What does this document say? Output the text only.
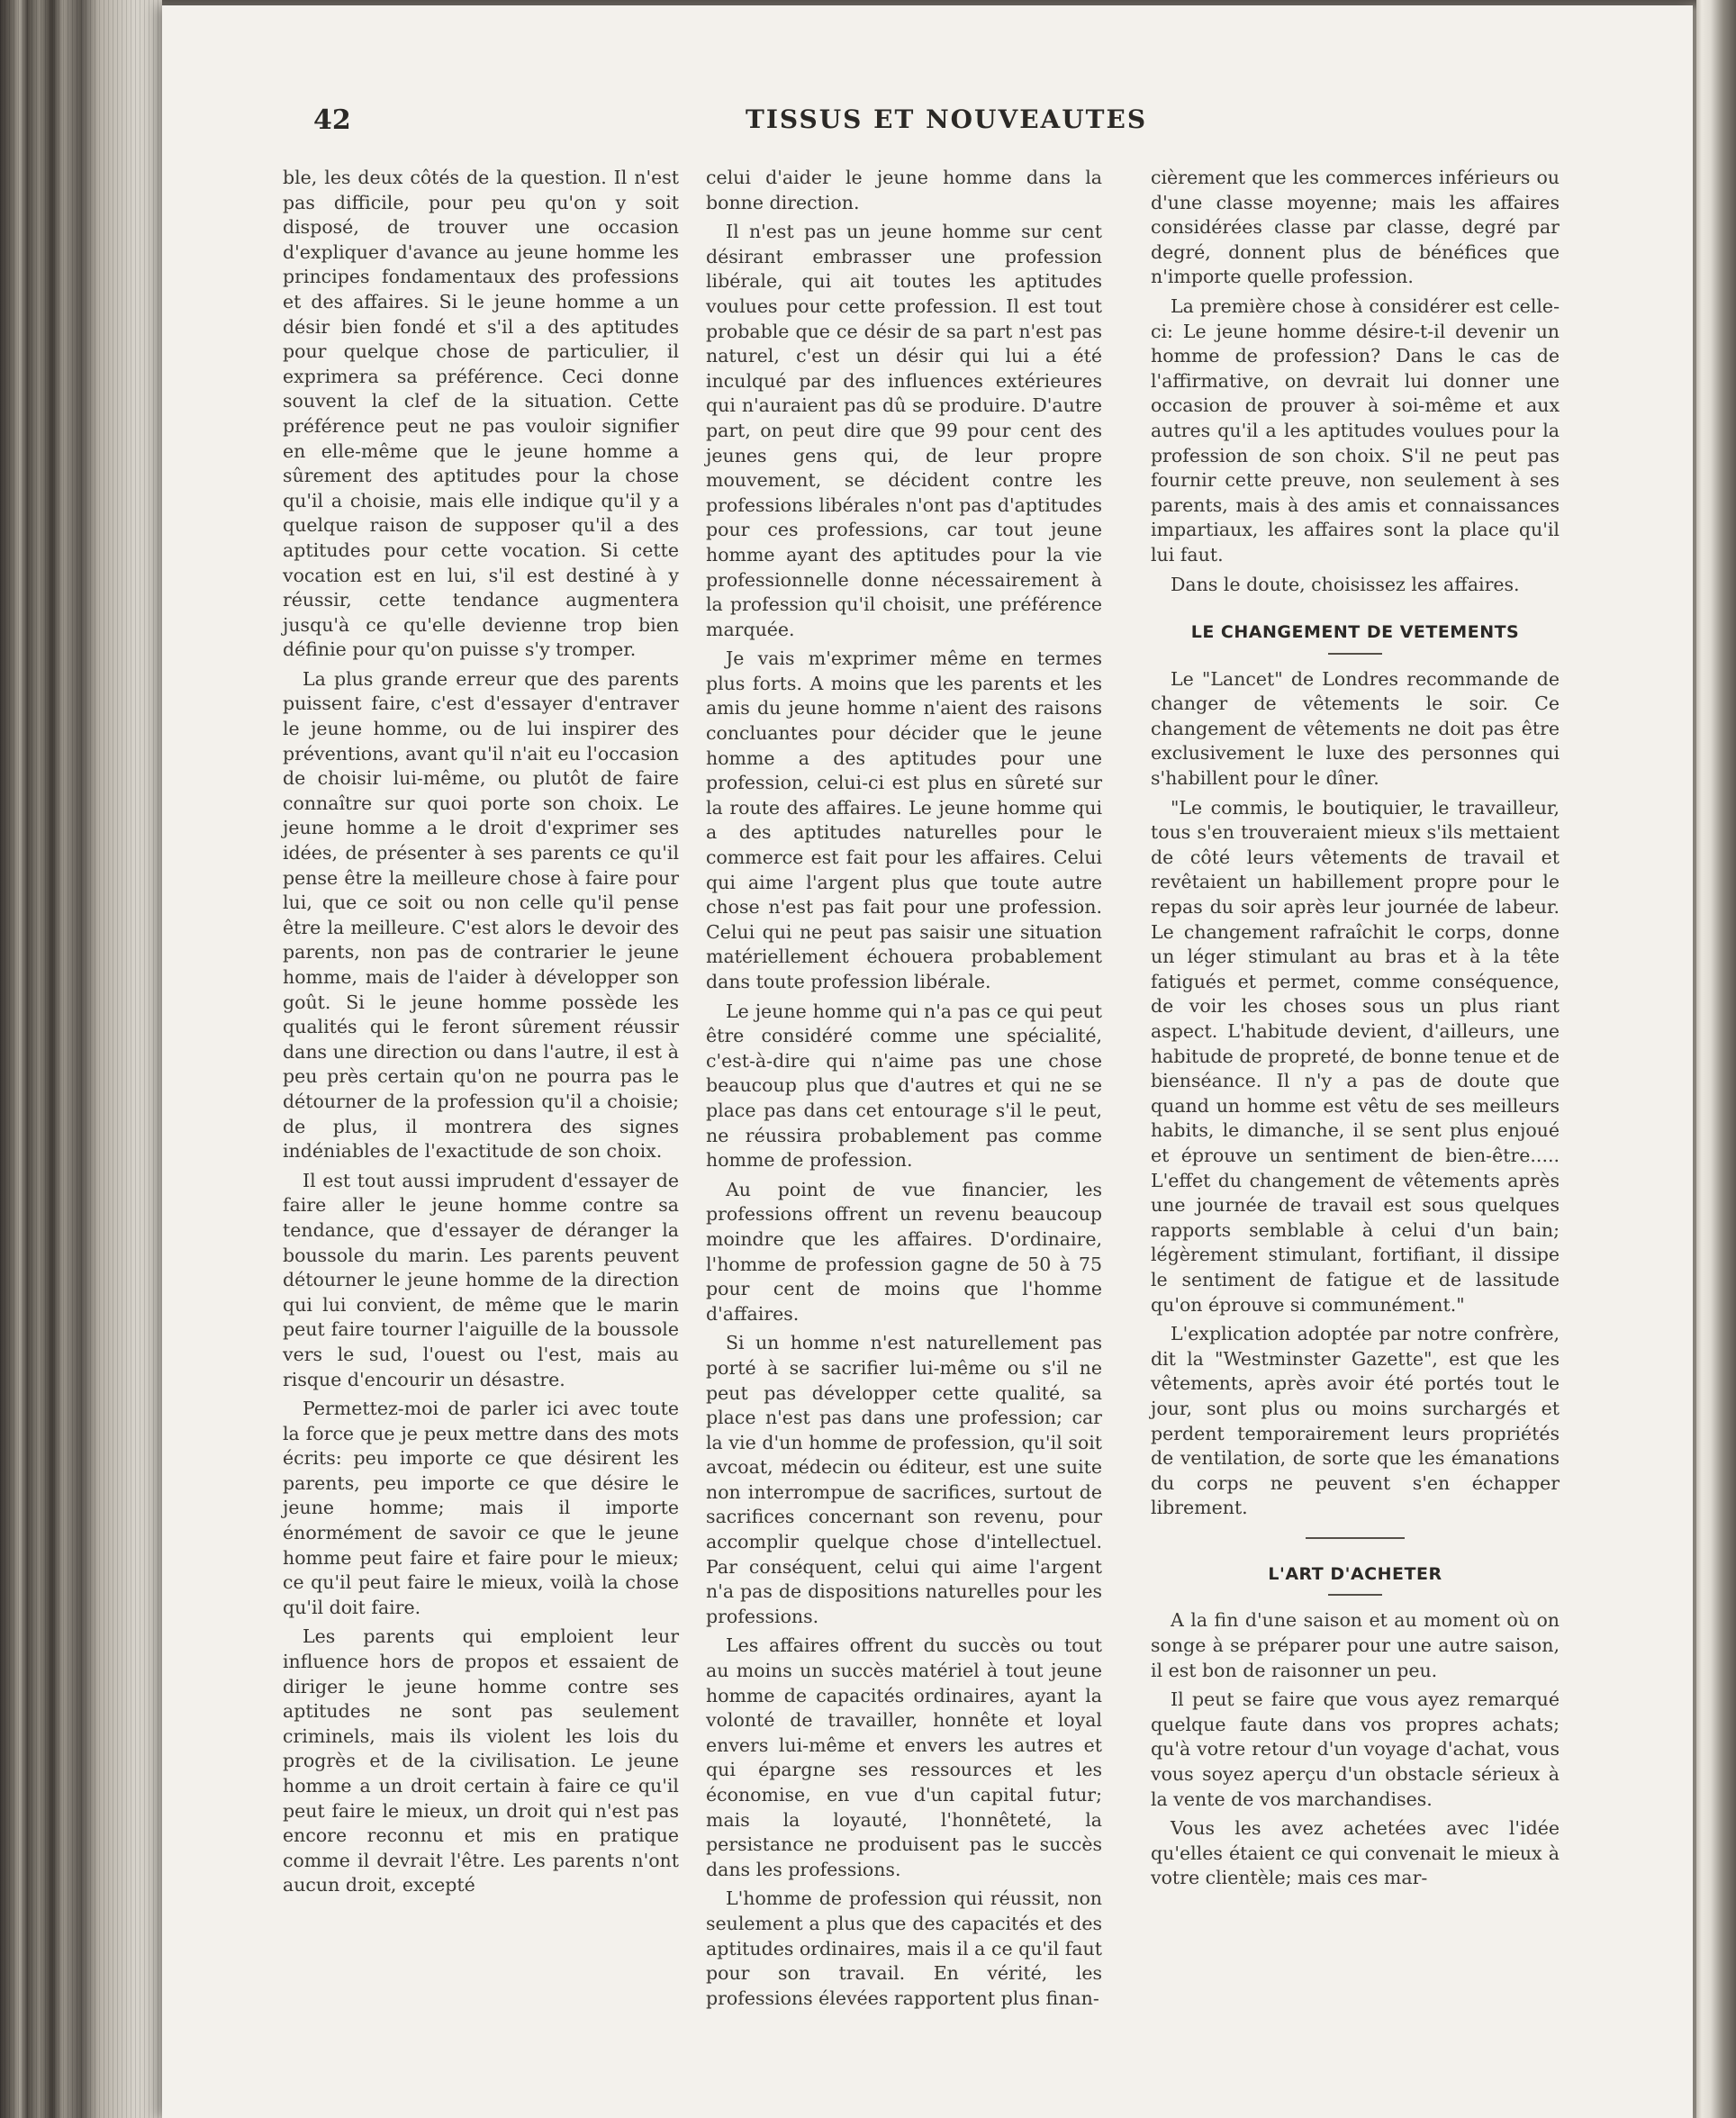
42	TISSUS ET NOUVEAUTES

ble, les deux côtés de la question. Il n'est pas difficile, pour peu qu'on y soit disposé, de trouver une occasion d'expliquer d'avance au jeune homme les principes fondamentaux des professions et des affaires. Si le jeune homme a un désir bien fondé et s'il a des aptitudes pour quelque chose de particulier, il exprimera sa préférence. Ceci donne souvent la clef de la situation. Cette préférence peut ne pas vouloir signifier en elle-même que le jeune homme a sûrement des aptitudes pour la chose qu'il a choisie, mais elle indique qu'il y a quelque raison de supposer qu'il a des aptitudes pour cette vocation. Si cette vocation est en lui, s'il est destiné à y réussir, cette tendance augmentera jusqu'à ce qu'elle devienne trop bien définie pour qu'on puisse s'y tromper.

La plus grande erreur que des parents puissent faire, c'est d'essayer d'entraver le jeune homme, ou de lui inspirer des préventions, avant qu'il n'ait eu l'occasion de choisir lui-même, ou plutôt de faire connaître sur quoi porte son choix. Le jeune homme a le droit d'exprimer ses idées, de présenter à ses parents ce qu'il pense être la meilleure chose à faire pour lui, que ce soit ou non celle qu'il pense être la meilleure. C'est alors le devoir des parents, non pas de contrarier le jeune homme, mais de l'aider à développer son goût. Si le jeune homme possède les qualités qui le feront sûrement réussir dans une direction ou dans l'autre, il est à peu près certain qu'on ne pourra pas le détourner de la profession qu'il a choisie; de plus, il montrera des signes indéniables de l'exactitude de son choix.

Il est tout aussi imprudent d'essayer de faire aller le jeune homme contre sa tendance, que d'essayer de déranger la boussole du marin. Les parents peuvent détourner le jeune homme de la direction qui lui convient, de même que le marin peut faire tourner l'aiguille de la boussole vers le sud, l'ouest ou l'est, mais au risque d'encourir un désastre.

Permettez-moi de parler ici avec toute la force que je peux mettre dans des mots écrits: peu importe ce que désirent les parents, peu importe ce que désire le jeune homme; mais il importe énormément de savoir ce que le jeune homme peut faire et faire pour le mieux; ce qu'il peut faire le mieux, voilà la chose qu'il doit faire.

Les parents qui emploient leur influence hors de propos et essaient de diriger le jeune homme contre ses aptitudes ne sont pas seulement criminels, mais ils violent les lois du progrès et de la civilisation. Le jeune homme a un droit certain à faire ce qu'il peut faire le mieux, un droit qui n'est pas encore reconnu et mis en pratique comme il devrait l'être. Les parents n'ont aucun droit, excepté

celui d'aider le jeune homme dans la bonne direction.

Il n'est pas un jeune homme sur cent désirant embrasser une profession libérale, qui ait toutes les aptitudes voulues pour cette profession. Il est tout probable que ce désir de sa part n'est pas naturel, c'est un désir qui lui a été inculqué par des influences extérieures qui n'auraient pas dû se produire. D'autre part, on peut dire que 99 pour cent des jeunes gens qui, de leur propre mouvement, se décident contre les professions libérales n'ont pas d'aptitudes pour ces professions, car tout jeune homme ayant des aptitudes pour la vie professionnelle donne nécessairement à la profession qu'il choisit, une préférence marquée.

Je vais m'exprimer même en termes plus forts. A moins que les parents et les amis du jeune homme n'aient des raisons concluantes pour décider que le jeune homme a des aptitudes pour une profession, celui-ci est plus en sûreté sur la route des affaires. Le jeune homme qui a des aptitudes naturelles pour le commerce est fait pour les affaires. Celui qui aime l'argent plus que toute autre chose n'est pas fait pour une profession. Celui qui ne peut pas saisir une situation matériellement échouera probablement dans toute profession libérale.

Le jeune homme qui n'a pas ce qui peut être considéré comme une spécialité, c'est-à-dire qui n'aime pas une chose beaucoup plus que d'autres et qui ne se place pas dans cet entourage s'il le peut, ne réussira probablement pas comme homme de profession.

Au point de vue financier, les professions offrent un revenu beaucoup moindre que les affaires. D'ordinaire, l'homme de profession gagne de 50 à 75 pour cent de moins que l'homme d'affaires.

Si un homme n'est naturellement pas porté à se sacrifier lui-même ou s'il ne peut pas développer cette qualité, sa place n'est pas dans une profession; car la vie d'un homme de profession, qu'il soit avcoat, médecin ou éditeur, est une suite non interrompue de sacrifices, surtout de sacrifices concernant son revenu, pour accomplir quelque chose d'intellectuel. Par conséquent, celui qui aime l'argent n'a pas de dispositions naturelles pour les professions.

Les affaires offrent du succès ou tout au moins un succès matériel à tout jeune homme de capacités ordinaires, ayant la volonté de travailler, honnête et loyal envers lui-même et envers les autres et qui épargne ses ressources et les économise, en vue d'un capital futur; mais la loyauté, l'honnêteté, la persistance ne produisent pas le succès dans les professions.

L'homme de profession qui réussit, non seulement a plus que des capacités et des aptitudes ordinaires, mais il a ce qu'il faut pour son travail. En vérité, les professions élevées rapportent plus finan-

cièrement que les commerces inférieurs ou d'une classe moyenne; mais les affaires considérées classe par classe, degré par degré, donnent plus de bénéfices que n'importe quelle profession.

La première chose à considérer est celle-ci: Le jeune homme désire-t-il devenir un homme de profession? Dans le cas de l'affirmative, on devrait lui donner une occasion de prouver à soi-même et aux autres qu'il a les aptitudes voulues pour la profession de son choix. S'il ne peut pas fournir cette preuve, non seulement à ses parents, mais à des amis et connaissances impartiaux, les affaires sont la place qu'il lui faut.

Dans le doute, choisissez les affaires.

LE CHANGEMENT DE VETEMENTS

Le "Lancet" de Londres recommande de changer de vêtements le soir. Ce changement de vêtements ne doit pas être exclusivement le luxe des personnes qui s'habillent pour le dîner.

"Le commis, le boutiquier, le travailleur, tous s'en trouveraient mieux s'ils mettaient de côté leurs vêtements de travail et revêtaient un habillement propre pour le repas du soir après leur journée de labeur. Le changement rafraîchit le corps, donne un léger stimulant au bras et à la tête fatigués et permet, comme conséquence, de voir les choses sous un plus riant aspect. L'habitude devient, d'ailleurs, une habitude de propreté, de bonne tenue et de bienséance. Il n'y a pas de doute que quand un homme est vêtu de ses meilleurs habits, le dimanche, il se sent plus enjoué et éprouve un sentiment de bien-être..... L'effet du changement de vêtements après une journée de travail est sous quelques rapports semblable à celui d'un bain; légèrement stimulant, fortifiant, il dissipe le sentiment de fatigue et de lassitude qu'on éprouve si communément."

L'explication adoptée par notre confrère, dit la "Westminster Gazette", est que les vêtements, après avoir été portés tout le jour, sont plus ou moins surchargés et perdent temporairement leurs propriétés de ventilation, de sorte que les émanations du corps ne peuvent s'en échapper librement.

L'ART D'ACHETER

A la fin d'une saison et au moment où on songe à se préparer pour une autre saison, il est bon de raisonner un peu.

Il peut se faire que vous ayez remarqué quelque faute dans vos propres achats; qu'à votre retour d'un voyage d'achat, vous vous soyez aperçu d'un obstacle sérieux à la vente de vos marchandises.

Vous les avez achetées avec l'idée qu'elles étaient ce qui convenait le mieux à votre clientèle; mais ces mar-
